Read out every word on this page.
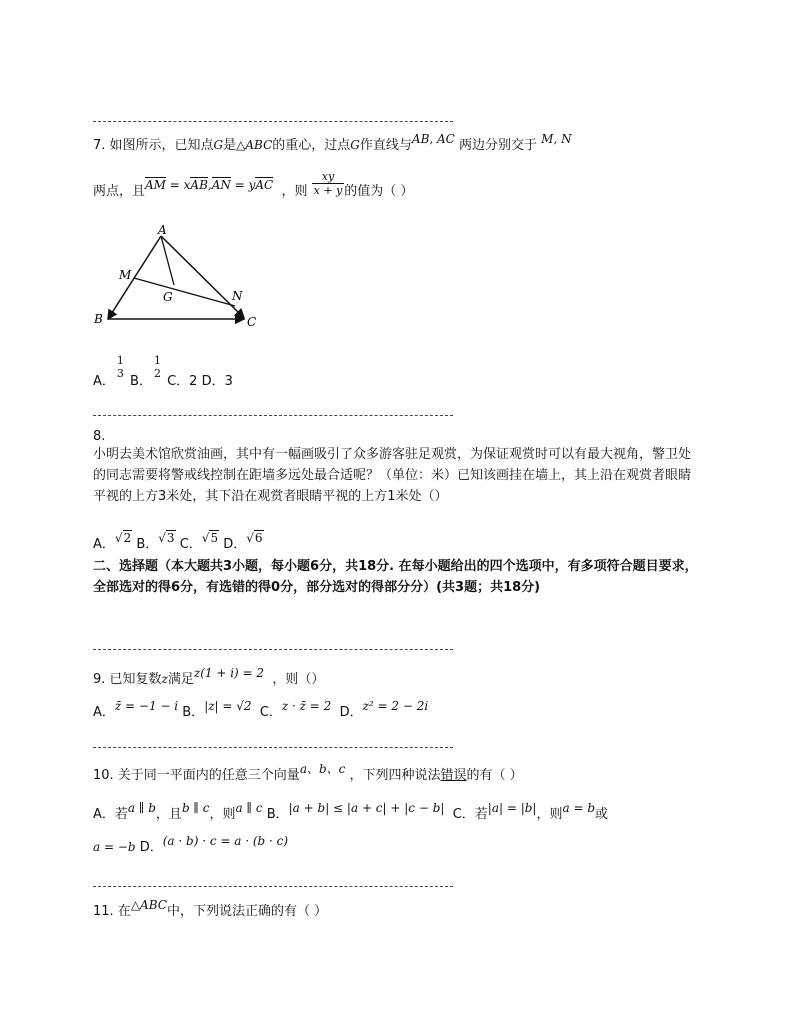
7. 如图所示，已知点G是△ABC的重心，过点G作直线与AB, AC 两边分别交于 M, N
两点，且AM = xAB,AN = yAC ，则 $\frac{xy}{x + y}$ 的值为（ ）
A
M
G	N
B	C
A．
1
3 B．
1
2 C．2 D．3
8.
小明去美术馆欣赏油画，其中有一幅画吸引了众多游客驻足观赏，为保证观赏时可以有最大视角，警卫处的同志需要将警戒线控制在距墙多远处最合适呢？（单位：米）已知该画挂在墙上，其上沿在观赏者眼睛平视的上方3米处，其下沿在观赏者眼睛平视的上方1米处（）
A．√2 B．√3 C．√5 D．√6
二、选择题（本大题共3小题，每小题6分，共18分. 在每小题给出的四个选项中，有多项符合题目要求，全部选对的得6分，有选错的得0分，部分选对的得部分分）(共3题；共18分)
9. 已知复数z满足z(1 + i) = 2 ，则（）
A．z̄ = −1 − i B．|z| = √2 C．z · z̄ = 2 D．z² = 2 − 2i
10. 关于同一平面内的任意三个向量a、b、c ，下列四种说法错误的有（ ）
A．若a ∥ b，且b ∥ c，则a ∥ c B．|a + b| ≤ |a + c| + |c − b| C．若|a| = |b|，则a = b或
a = −b D．(a · b) · c = a · (b · c)
11. 在△ABC中，下列说法正确的有（ ）
